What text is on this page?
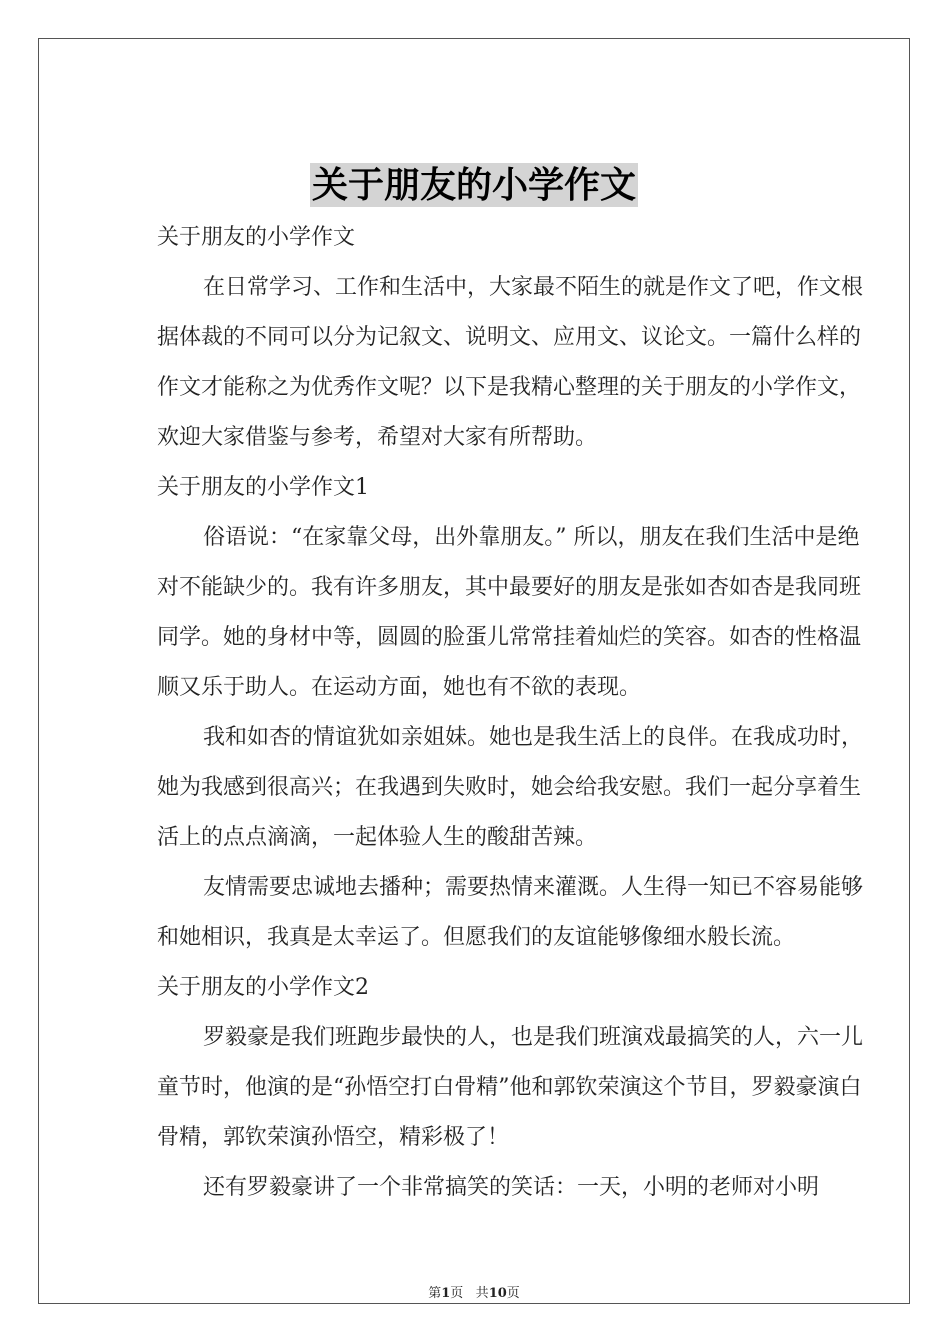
关于朋友的小学作文

关于朋友的小学作文

在日常学习、工作和生活中，大家最不陌生的就是作文了吧，作文根据体裁的不同可以分为记叙文、说明文、应用文、议论文。一篇什么样的作文才能称之为优秀作文呢？以下是我精心整理的关于朋友的小学作文，欢迎大家借鉴与参考，希望对大家有所帮助。

关于朋友的小学作文1

俗语说：“在家靠父母，出外靠朋友。” 所以，朋友在我们生活中是绝对不能缺少的。我有许多朋友，其中最要好的朋友是张如杏如杏是我同班同学。她的身材中等，圆圆的脸蛋儿常常挂着灿烂的笑容。如杏的性格温顺又乐于助人。在运动方面，她也有不欲的表现。

我和如杏的情谊犹如亲姐妹。她也是我生活上的良伴。在我成功时，她为我感到很高兴；在我遇到失败时，她会给我安慰。我们一起分享着生活上的点点滴滴，一起体验人生的酸甜苦辣。

友情需要忠诚地去播种；需要热情来灌溉。人生得一知已不容易能够和她相识，我真是太幸运了。但愿我们的友谊能够像细水般长流。

关于朋友的小学作文2

罗毅豪是我们班跑步最快的人，也是我们班演戏最搞笑的人，六一儿童节时，他演的是“孙悟空打白骨精”他和郭钦荣演这个节目，罗毅豪演白骨精，郭钦荣演孙悟空，精彩极了！

还有罗毅豪讲了一个非常搞笑的笑话：一天，小明的老师对小明

第1页 共10页
